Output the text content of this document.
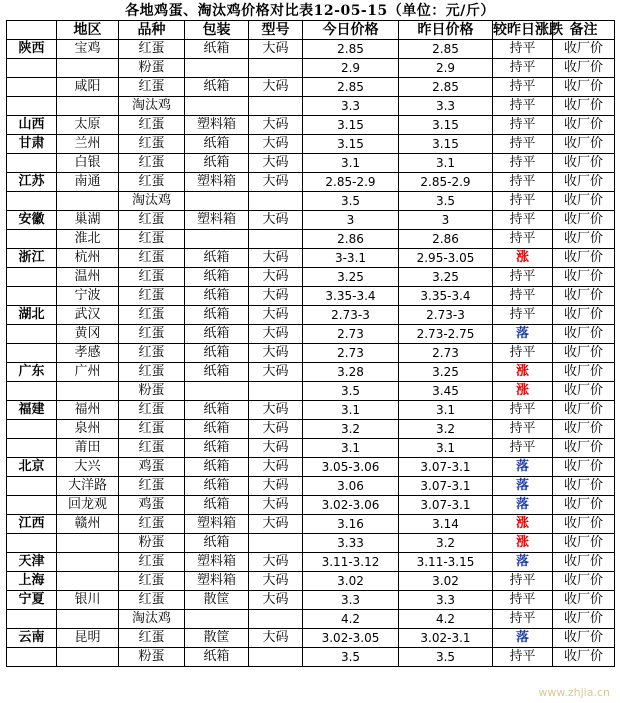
各地鸡蛋、淘汰鸡价格对比表12-05-15（单位：元/斤）
	地区	品种	包装	型号	今日价格	昨日价格	较昨日涨跌	备注
陕西	宝鸡	红蛋	纸箱	大码	2.85	2.85	持平	收厂价
		粉蛋			2.9	2.9	持平	收厂价
	咸阳	红蛋	纸箱	大码	2.85	2.85	持平	收厂价
		淘汰鸡			3.3	3.3	持平	收厂价
山西	太原	红蛋	塑料箱	大码	3.15	3.15	持平	收厂价
甘肃	兰州	红蛋	纸箱	大码	3.15	3.15	持平	收厂价
	白银	红蛋	纸箱	大码	3.1	3.1	持平	收厂价
江苏	南通	红蛋	塑料箱	大码	2.85-2.9	2.85-2.9	持平	收厂价
		淘汰鸡			3.5	3.5	持平	收厂价
安徽	巢湖	红蛋	塑料箱	大码	3	3	持平	收厂价
	淮北	红蛋			2.86	2.86	持平	收厂价
浙江	杭州	红蛋	纸箱	大码	3-3.1	2.95-3.05	涨	收厂价
	温州	红蛋	纸箱	大码	3.25	3.25	持平	收厂价
	宁波	红蛋	纸箱	大码	3.35-3.4	3.35-3.4	持平	收厂价
湖北	武汉	红蛋	纸箱	大码	2.73-3	2.73-3	持平	收厂价
	黄冈	红蛋	纸箱	大码	2.73	2.73-2.75	落	收厂价
	孝感	红蛋	纸箱	大码	2.73	2.73	持平	收厂价
广东	广州	红蛋	纸箱	大码	3.28	3.25	涨	收厂价
		粉蛋			3.5	3.45	涨	收厂价
福建	福州	红蛋	纸箱	大码	3.1	3.1	持平	收厂价
	泉州	红蛋	纸箱	大码	3.2	3.2	持平	收厂价
	莆田	红蛋	纸箱	大码	3.1	3.1	持平	收厂价
北京	大兴	鸡蛋	纸箱	大码	3.05-3.06	3.07-3.1	落	收厂价
	大洋路	红蛋	纸箱	大码	3.06	3.07-3.1	落	收厂价
	回龙观	鸡蛋	纸箱	大码	3.02-3.06	3.07-3.1	落	收厂价
江西	赣州	红蛋	塑料箱	大码	3.16	3.14	涨	收厂价
		粉蛋	纸箱		3.33	3.2	涨	收厂价
天津		红蛋	塑料箱	大码	3.11-3.12	3.11-3.15	落	收厂价
上海		红蛋	塑料箱	大码	3.02	3.02	持平	收厂价
宁夏	银川	红蛋	散筐	大码	3.3	3.3	持平	收厂价
		淘汰鸡			4.2	4.2	持平	收厂价
云南	昆明	红蛋	散筐	大码	3.02-3.05	3.02-3.1	落	收厂价
		粉蛋	纸箱		3.5	3.5	持平	收厂价
www.zhjia.cn
